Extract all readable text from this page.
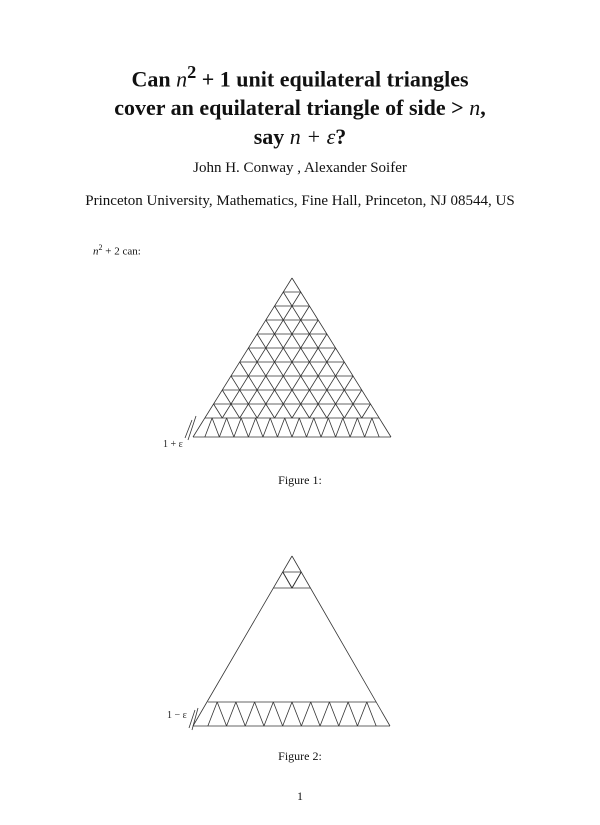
Can $n^2 + 1$ unit equilateral triangles
cover an equilateral triangle of side > n,
say n + ε?
John H. Conway , Alexander Soifer
Princeton University, Mathematics, Fine Hall, Princeton, NJ 08544, US
$n^2 + 2$ can:
1 + ε
Figure 1:
1 − ε
Figure 2:
1
